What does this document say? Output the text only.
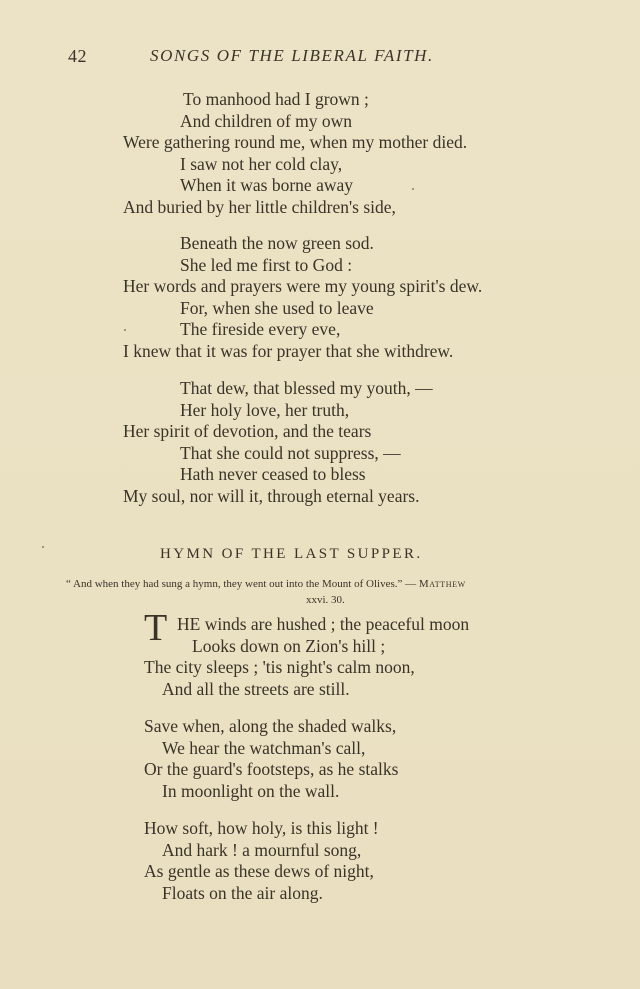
42	SONGS OF THE LIBERAL FAITH.
To manhood had I grown ;
And children of my own
Were gathering round me, when my mother died.
I saw not her cold clay,
When it was borne away
And buried by her little children's side,
Beneath the now green sod.
She led me first to God :
Her words and prayers were my young spirit's dew.
For, when she used to leave
The fireside every eve,
I knew that it was for prayer that she withdrew.
That dew, that blessed my youth, —
Her holy love, her truth,
Her spirit of devotion, and the tears
That she could not suppress, —
Hath never ceased to bless
My soul, nor will it, through eternal years.
HYMN OF THE LAST SUPPER.
“ And when they had sung a hymn, they went out into the Mount of Olives.” — Matthew
xxvi. 30.
T HE winds are hushed ; the peaceful moon
Looks down on Zion's hill ;
The city sleeps ; 'tis night's calm noon,
And all the streets are still.
Save when, along the shaded walks,
We hear the watchman's call,
Or the guard's footsteps, as he stalks
In moonlight on the wall.
How soft, how holy, is this light !
And hark ! a mournful song,
As gentle as these dews of night,
Floats on the air along.
